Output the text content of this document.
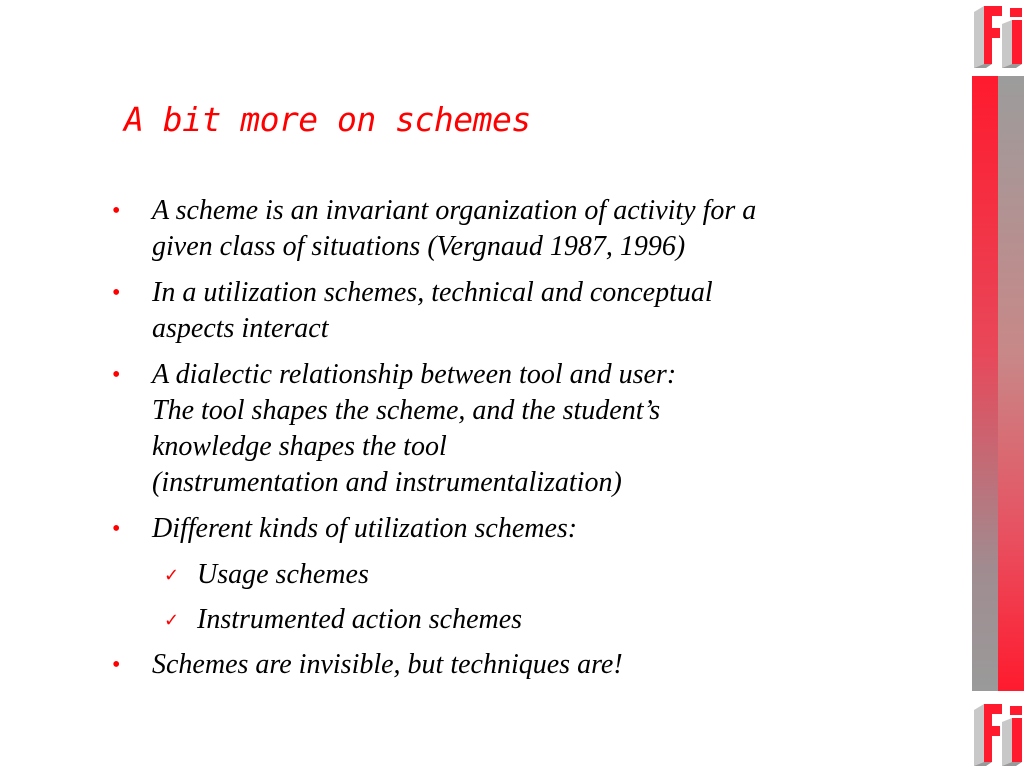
A bit more on schemes
• A scheme is an invariant organization of activity for a
given class of situations (Vergnaud 1987, 1996)
• In a utilization schemes, technical and conceptual
aspects interact
• A dialectic relationship between tool and user:
The tool shapes the scheme, and the student’s
knowledge shapes the tool
(instrumentation and instrumentalization)
• Different kinds of utilization schemes:
✓ Usage schemes
✓ Instrumented action schemes
• Schemes are invisible, but techniques are!
